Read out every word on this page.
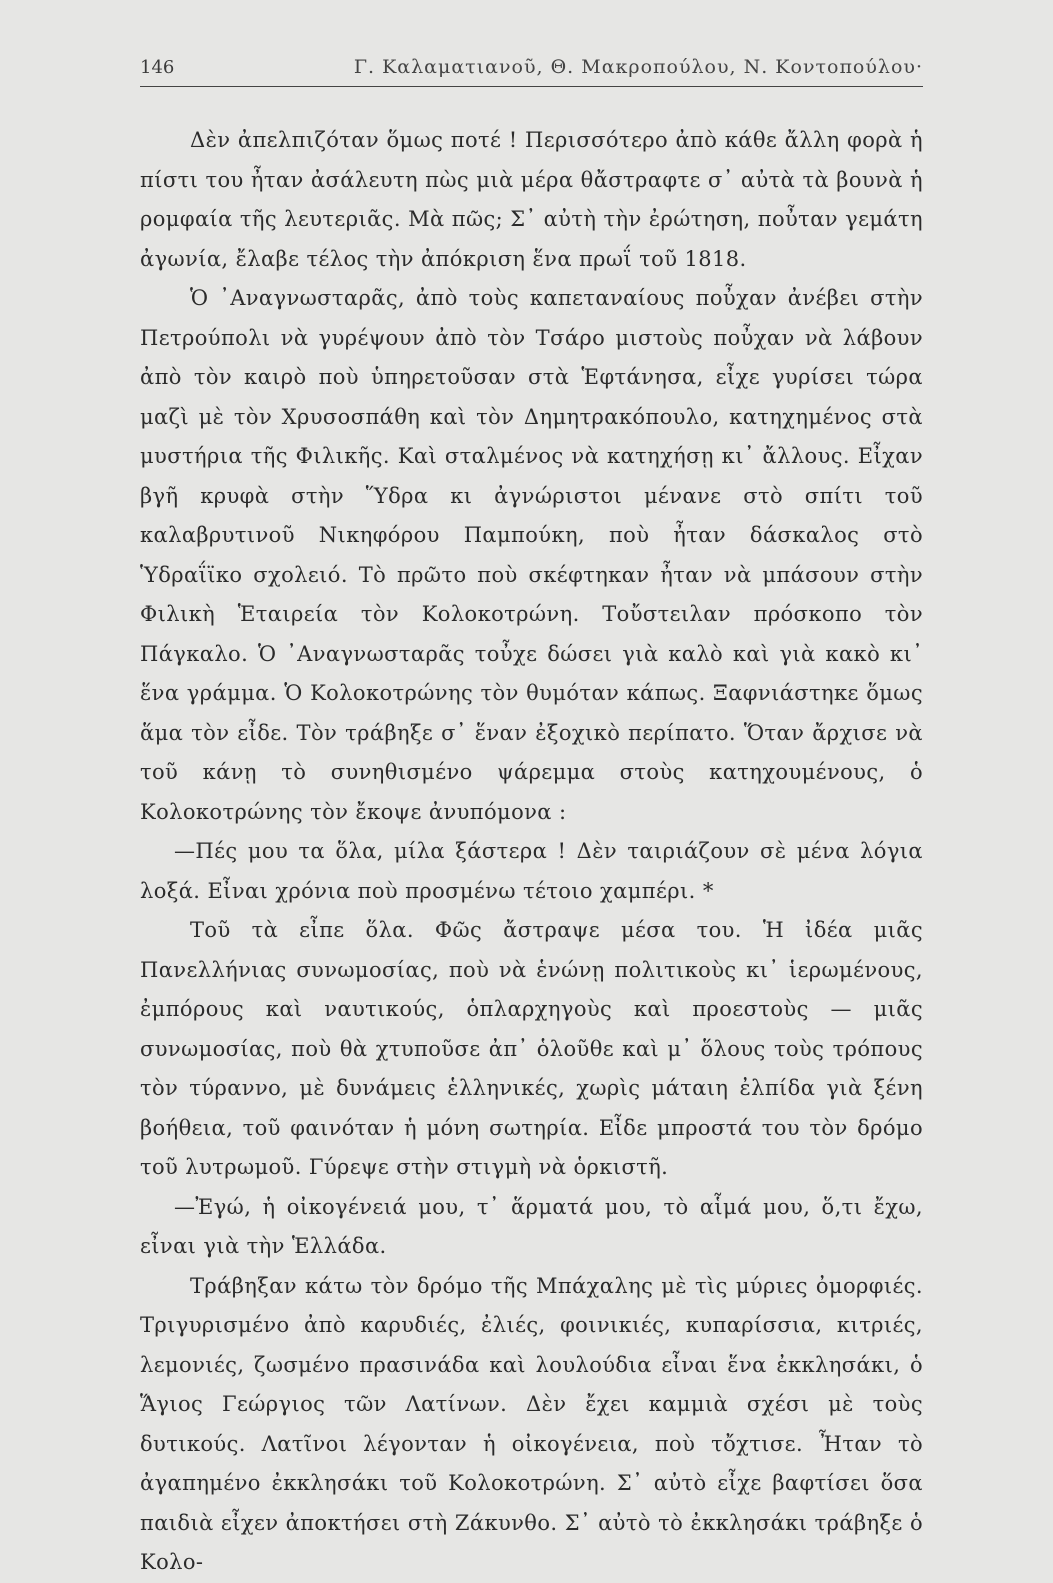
146	Γ. Καλαματιανοῦ, Θ. Μακροπούλου, Ν. Κοντοπούλου·

Δὲν ἀπελπιζόταν ὅμως ποτέ ! Περισσότερο ἀπὸ κάθε ἄλλη φορὰ ἡ πίστι του ἦταν ἀσάλευτη πὼς μιὰ μέρα θἄστραφτε σ᾿ αὐτὰ τὰ βουνὰ ἡ ρομφαία τῆς λευτεριᾶς. Μὰ πῶς; Σ᾿ αὐτὴ τὴν ἐρώτηση, ποὖταν γεμάτη ἀγωνία, ἔλαβε τέλος τὴν ἀπόκριση ἕνα πρωΐ τοῦ 1818.

Ὁ ᾿Αναγνωσταρᾶς, ἀπὸ τοὺς καπεταναίους ποὖχαν ἀνέβει στὴν Πετρούπολι νὰ γυρέψουν ἀπὸ τὸν Τσάρο μιστοὺς ποὖχαν νὰ λάβουν ἀπὸ τὸν καιρὸ ποὺ ὑπηρετοῦσαν στὰ Ἑφτάνησα, εἶχε γυρίσει τώρα μαζὶ μὲ τὸν Χρυσοσπάθη καὶ τὸν Δημητρακόπουλο, κατηχημένος στὰ μυστήρια τῆς Φιλικῆς. Καὶ σταλμένος νὰ κατηχήσῃ κι᾿ ἄλλους. Εἶχαν βγῆ κρυφὰ στὴν Ὕδρα κι ἀγνώριστοι μένανε στὸ σπίτι τοῦ καλαβρυτινοῦ Νικηφόρου Παμπούκη, ποὺ ἦταν δάσκαλος στὸ Ὑδραΐϊκο σχολειό. Τὸ πρῶτο ποὺ σκέφτηκαν ἦταν νὰ μπάσουν στὴν Φιλικὴ Ἑταιρεία τὸν Κολοκοτρώνη. Τοὔστειλαν πρόσκοπο τὸν Πάγκαλο. Ὁ ᾿Αναγνωσταρᾶς τοὖχε δώσει γιὰ καλὸ καὶ γιὰ κακὸ κι᾿ ἕνα γράμμα. Ὁ Κολοκοτρώνης τὸν θυμόταν κάπως. Ξαφνιάστηκε ὅμως ἅμα τὸν εἶδε. Τὸν τράβηξε σ᾿ ἕναν ἐξοχικὸ περίπατο. Ὅταν ἄρχισε νὰ τοῦ κάνῃ τὸ συνηθισμένο ψάρεμμα στοὺς κατηχουμένους, ὁ Κολοκοτρώνης τὸν ἔκοψε ἀνυπόμονα :

—Πές μου τα ὅλα, μίλα ξάστερα ! Δὲν ταιριάζουν σὲ μένα λόγια λοξά. Εἶναι χρόνια ποὺ προσμένω τέτοιο χαμπέρι. *

Τοῦ τὰ εἶπε ὅλα. Φῶς ἄστραψε μέσα του. Ἡ ἰδέα μιᾶς Πανελλήνιας συνωμοσίας, ποὺ νὰ ἑνώνῃ πολιτικοὺς κι᾿ ἱερωμένους, ἐμπόρους καὶ ναυτικούς, ὁπλαρχηγοὺς καὶ προεστοὺς — μιᾶς συνωμοσίας, ποὺ θὰ χτυποῦσε ἀπ᾿ ὁλοῦθε καὶ μ᾿ ὅλους τοὺς τρόπους τὸν τύραννο, μὲ δυνάμεις ἑλληνικές, χωρὶς μάταιη ἐλπίδα γιὰ ξένη βοήθεια, τοῦ φαινόταν ἡ μόνη σωτηρία. Εἶδε μπροστά του τὸν δρόμο τοῦ λυτρωμοῦ. Γύρεψε στὴν στιγμὴ νὰ ὁρκιστῆ.

—Ἐγώ, ἡ οἰκογένειά μου, τ᾿ ἅρματά μου, τὸ αἷμά μου, ὅ,τι ἔχω, εἶναι γιὰ τὴν Ἑλλάδα.

Τράβηξαν κάτω τὸν δρόμο τῆς Μπάχαλης μὲ τὶς μύριες ὀμορφιές. Τριγυρισμένο ἀπὸ καρυδιές, ἐλιές, φοινικιές, κυπαρίσσια, κιτριές, λεμονιές, ζωσμένο πρασινάδα καὶ λουλούδια εἶναι ἕνα ἐκκλησάκι, ὁ Ἅγιος Γεώργιος τῶν Λατίνων. Δὲν ἔχει καμμιὰ σχέσι μὲ τοὺς δυτικούς. Λατῖνοι λέγονταν ἡ οἰκογένεια, ποὺ τὄχτισε. Ἦταν τὸ ἀγαπημένο ἐκκλησάκι τοῦ Κολοκοτρώνη. Σ᾿ αὐτὸ εἶχε βαφτίσει ὅσα παιδιὰ εἶχεν ἀποκτήσει στὴ Ζάκυνθο. Σ᾿ αὐτὸ τὸ ἐκκλησάκι τράβηξε ὁ Κολο-
